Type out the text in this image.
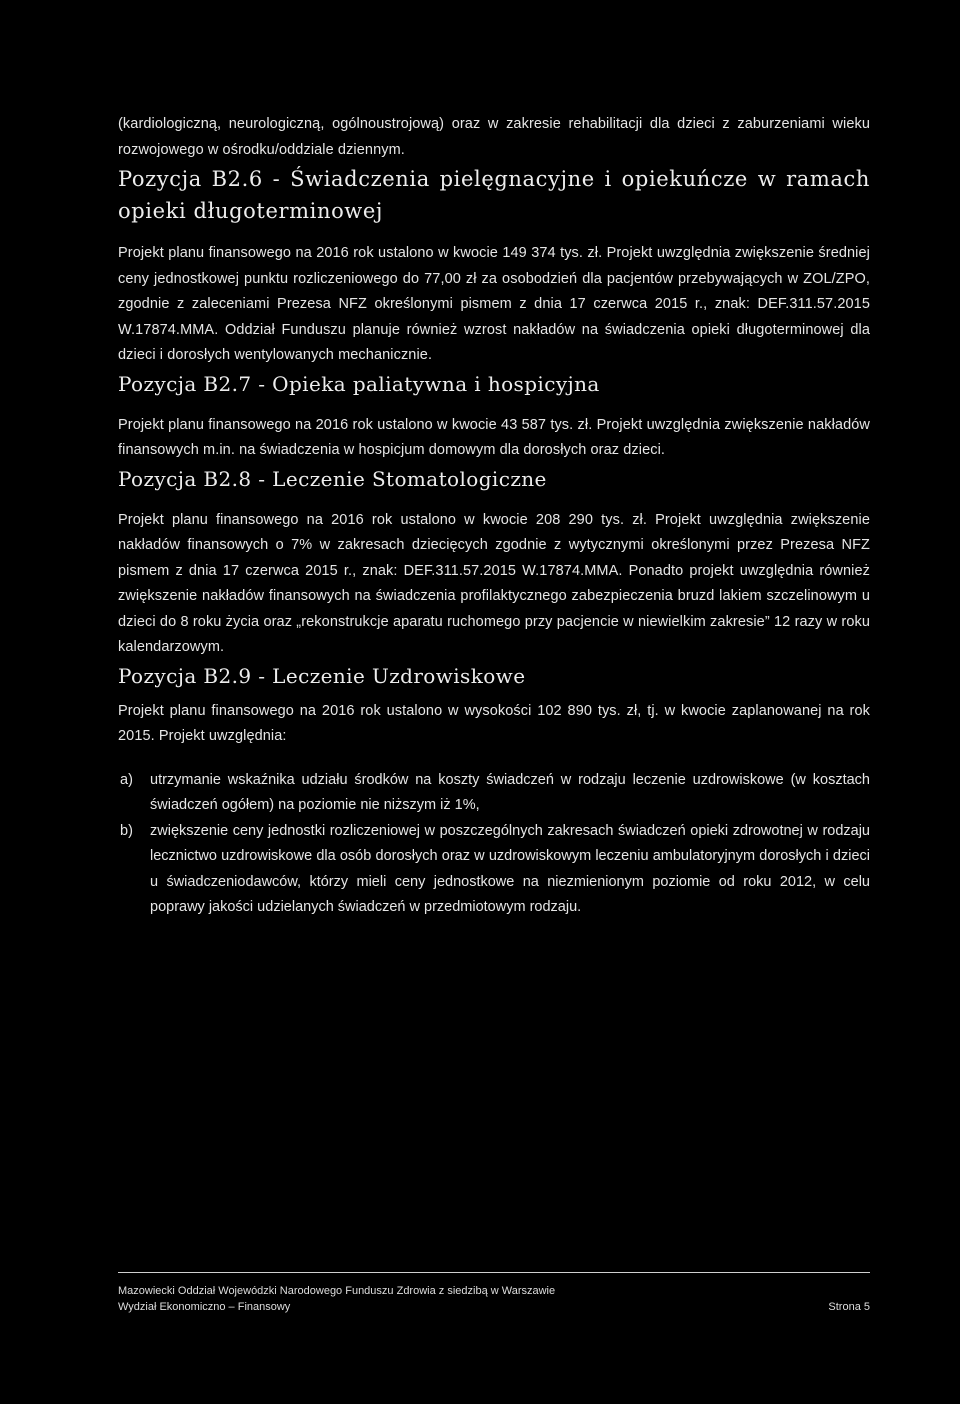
(kardiologiczną, neurologiczną, ogólnoustrojową) oraz w zakresie rehabilitacji dla dzieci z zaburzeniami wieku rozwojowego w ośrodku/oddziale dziennym.

Pozycja B2.6 - Świadczenia pielęgnacyjne i opiekuńcze w ramach opieki długoterminowej

Projekt planu finansowego na 2016 rok ustalono w kwocie 149 374 tys. zł. Projekt uwzględnia zwiększenie średniej ceny jednostkowej punktu rozliczeniowego do 77,00 zł za osobodzień dla pacjentów przebywających w ZOL/ZPO, zgodnie z zaleceniami Prezesa NFZ określonymi pismem z dnia 17 czerwca 2015 r., znak: DEF.311.57.2015 W.17874.MMA. Oddział Funduszu planuje również wzrost nakładów na świadczenia opieki długoterminowej dla dzieci i dorosłych wentylowanych mechanicznie.

Pozycja B2.7 - Opieka paliatywna i hospicyjna

Projekt planu finansowego na 2016 rok ustalono w kwocie 43 587 tys. zł. Projekt uwzględnia zwiększenie nakładów finansowych m.in. na świadczenia w hospicjum domowym dla dorosłych oraz dzieci.

Pozycja B2.8 - Leczenie Stomatologiczne

Projekt planu finansowego na 2016 rok ustalono w kwocie 208 290 tys. zł. Projekt uwzględnia zwiększenie nakładów finansowych o 7% w zakresach dziecięcych zgodnie z wytycznymi określonymi przez Prezesa NFZ pismem z dnia 17 czerwca 2015 r., znak: DEF.311.57.2015 W.17874.MMA. Ponadto projekt uwzględnia również zwiększenie nakładów finansowych na świadczenia profilaktycznego zabezpieczenia bruzd lakiem szczelinowym u dzieci do 8 roku życia oraz „rekonstrukcje aparatu ruchomego przy pacjencie w niewielkim zakresie” 12 razy w roku kalendarzowym.

Pozycja B2.9 - Leczenie Uzdrowiskowe

Projekt planu finansowego na 2016 rok ustalono w wysokości 102 890 tys. zł, tj. w kwocie zaplanowanej na rok 2015. Projekt uwzględnia:

a) utrzymanie wskaźnika udziału środków na koszty świadczeń w rodzaju leczenie uzdrowiskowe (w kosztach świadczeń ogółem) na poziomie nie niższym iż 1%,
b) zwiększenie ceny jednostki rozliczeniowej w poszczególnych zakresach świadczeń opieki zdrowotnej w rodzaju lecznictwo uzdrowiskowe dla osób dorosłych oraz w uzdrowiskowym leczeniu ambulatoryjnym dorosłych i dzieci u świadczeniodawców, którzy mieli ceny jednostkowe na niezmienionym poziomie od roku 2012, w celu poprawy jakości udzielanych świadczeń w przedmiotowym rodzaju.
Mazowiecki Oddział Wojewódzki Narodowego Funduszu Zdrowia z siedzibą w Warszawie
Wydział Ekonomiczno – Finansowy	Strona 5
